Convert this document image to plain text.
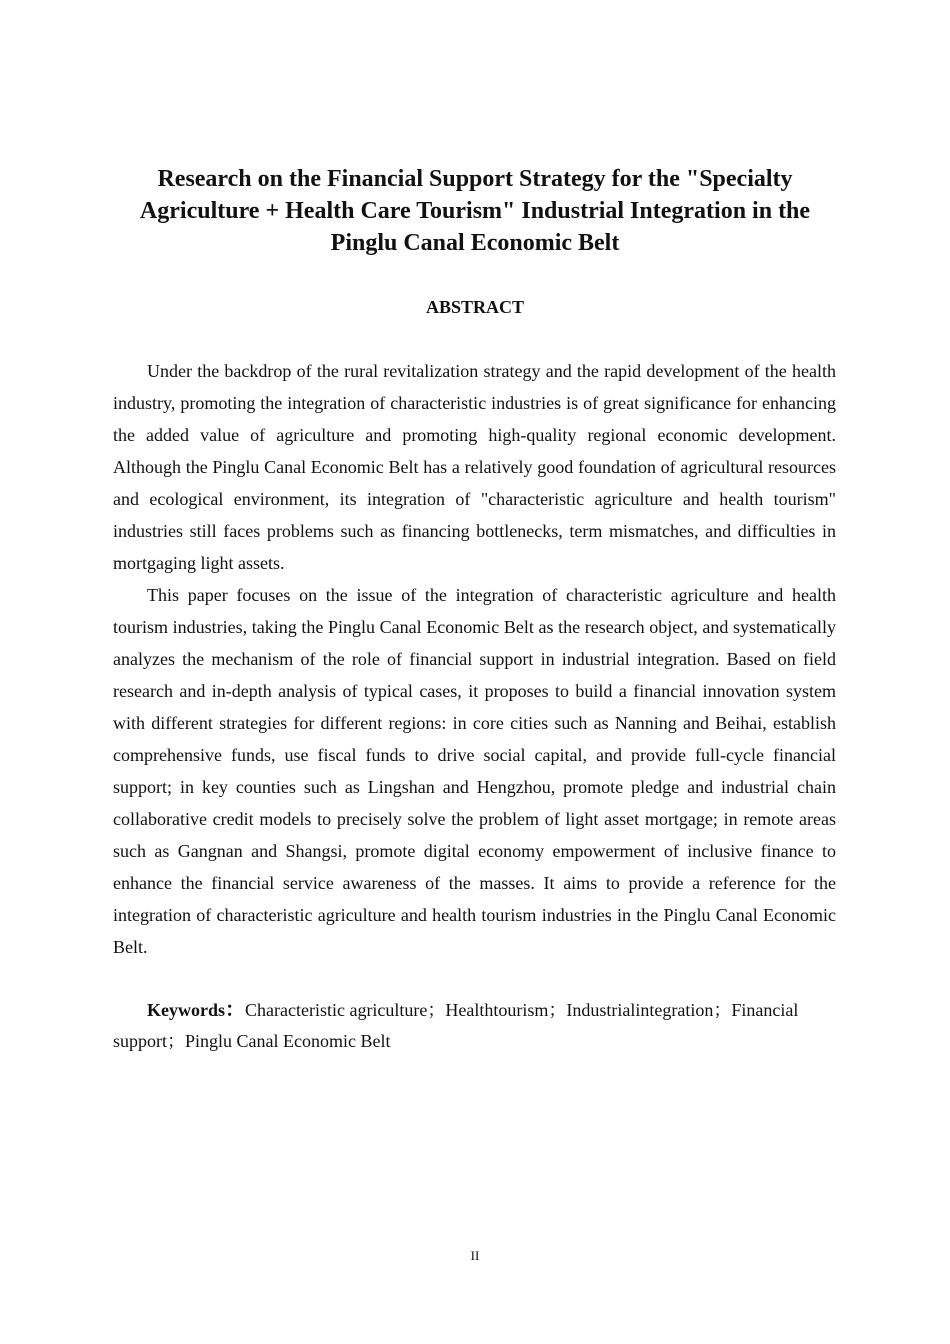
Research on the Financial Support Strategy for the "Specialty
Agriculture + Health Care Tourism" Industrial Integration in the
Pinglu Canal Economic Belt
ABSTRACT

Under the backdrop of the rural revitalization strategy and the rapid development of the health industry, promoting the integration of characteristic industries is of great significance for enhancing the added value of agriculture and promoting high-quality regional economic development. Although the Pinglu Canal Economic Belt has a relatively good foundation of agricultural resources and ecological environment, its integration of "characteristic agriculture and health tourism" industries still faces problems such as financing bottlenecks, term mismatches, and difficulties in mortgaging light assets.

This paper focuses on the issue of the integration of characteristic agriculture and health tourism industries, taking the Pinglu Canal Economic Belt as the research object, and systematically analyzes the mechanism of the role of financial support in industrial integration. Based on field research and in-depth analysis of typical cases, it proposes to build a financial innovation system with different strategies for different regions: in core cities such as Nanning and Beihai, establish comprehensive funds, use fiscal funds to drive social capital, and provide full-cycle financial support; in key counties such as Lingshan and Hengzhou, promote pledge and industrial chain collaborative credit models to precisely solve the problem of light asset mortgage; in remote areas such as Gangnan and Shangsi, promote digital economy empowerment of inclusive finance to enhance the financial service awareness of the masses. It aims to provide a reference for the integration of characteristic agriculture and health tourism industries in the Pinglu Canal Economic Belt.

Keywords：Characteristic agriculture；Healthtourism；Industrialintegration；Financial support；Pinglu Canal Economic Belt
II
